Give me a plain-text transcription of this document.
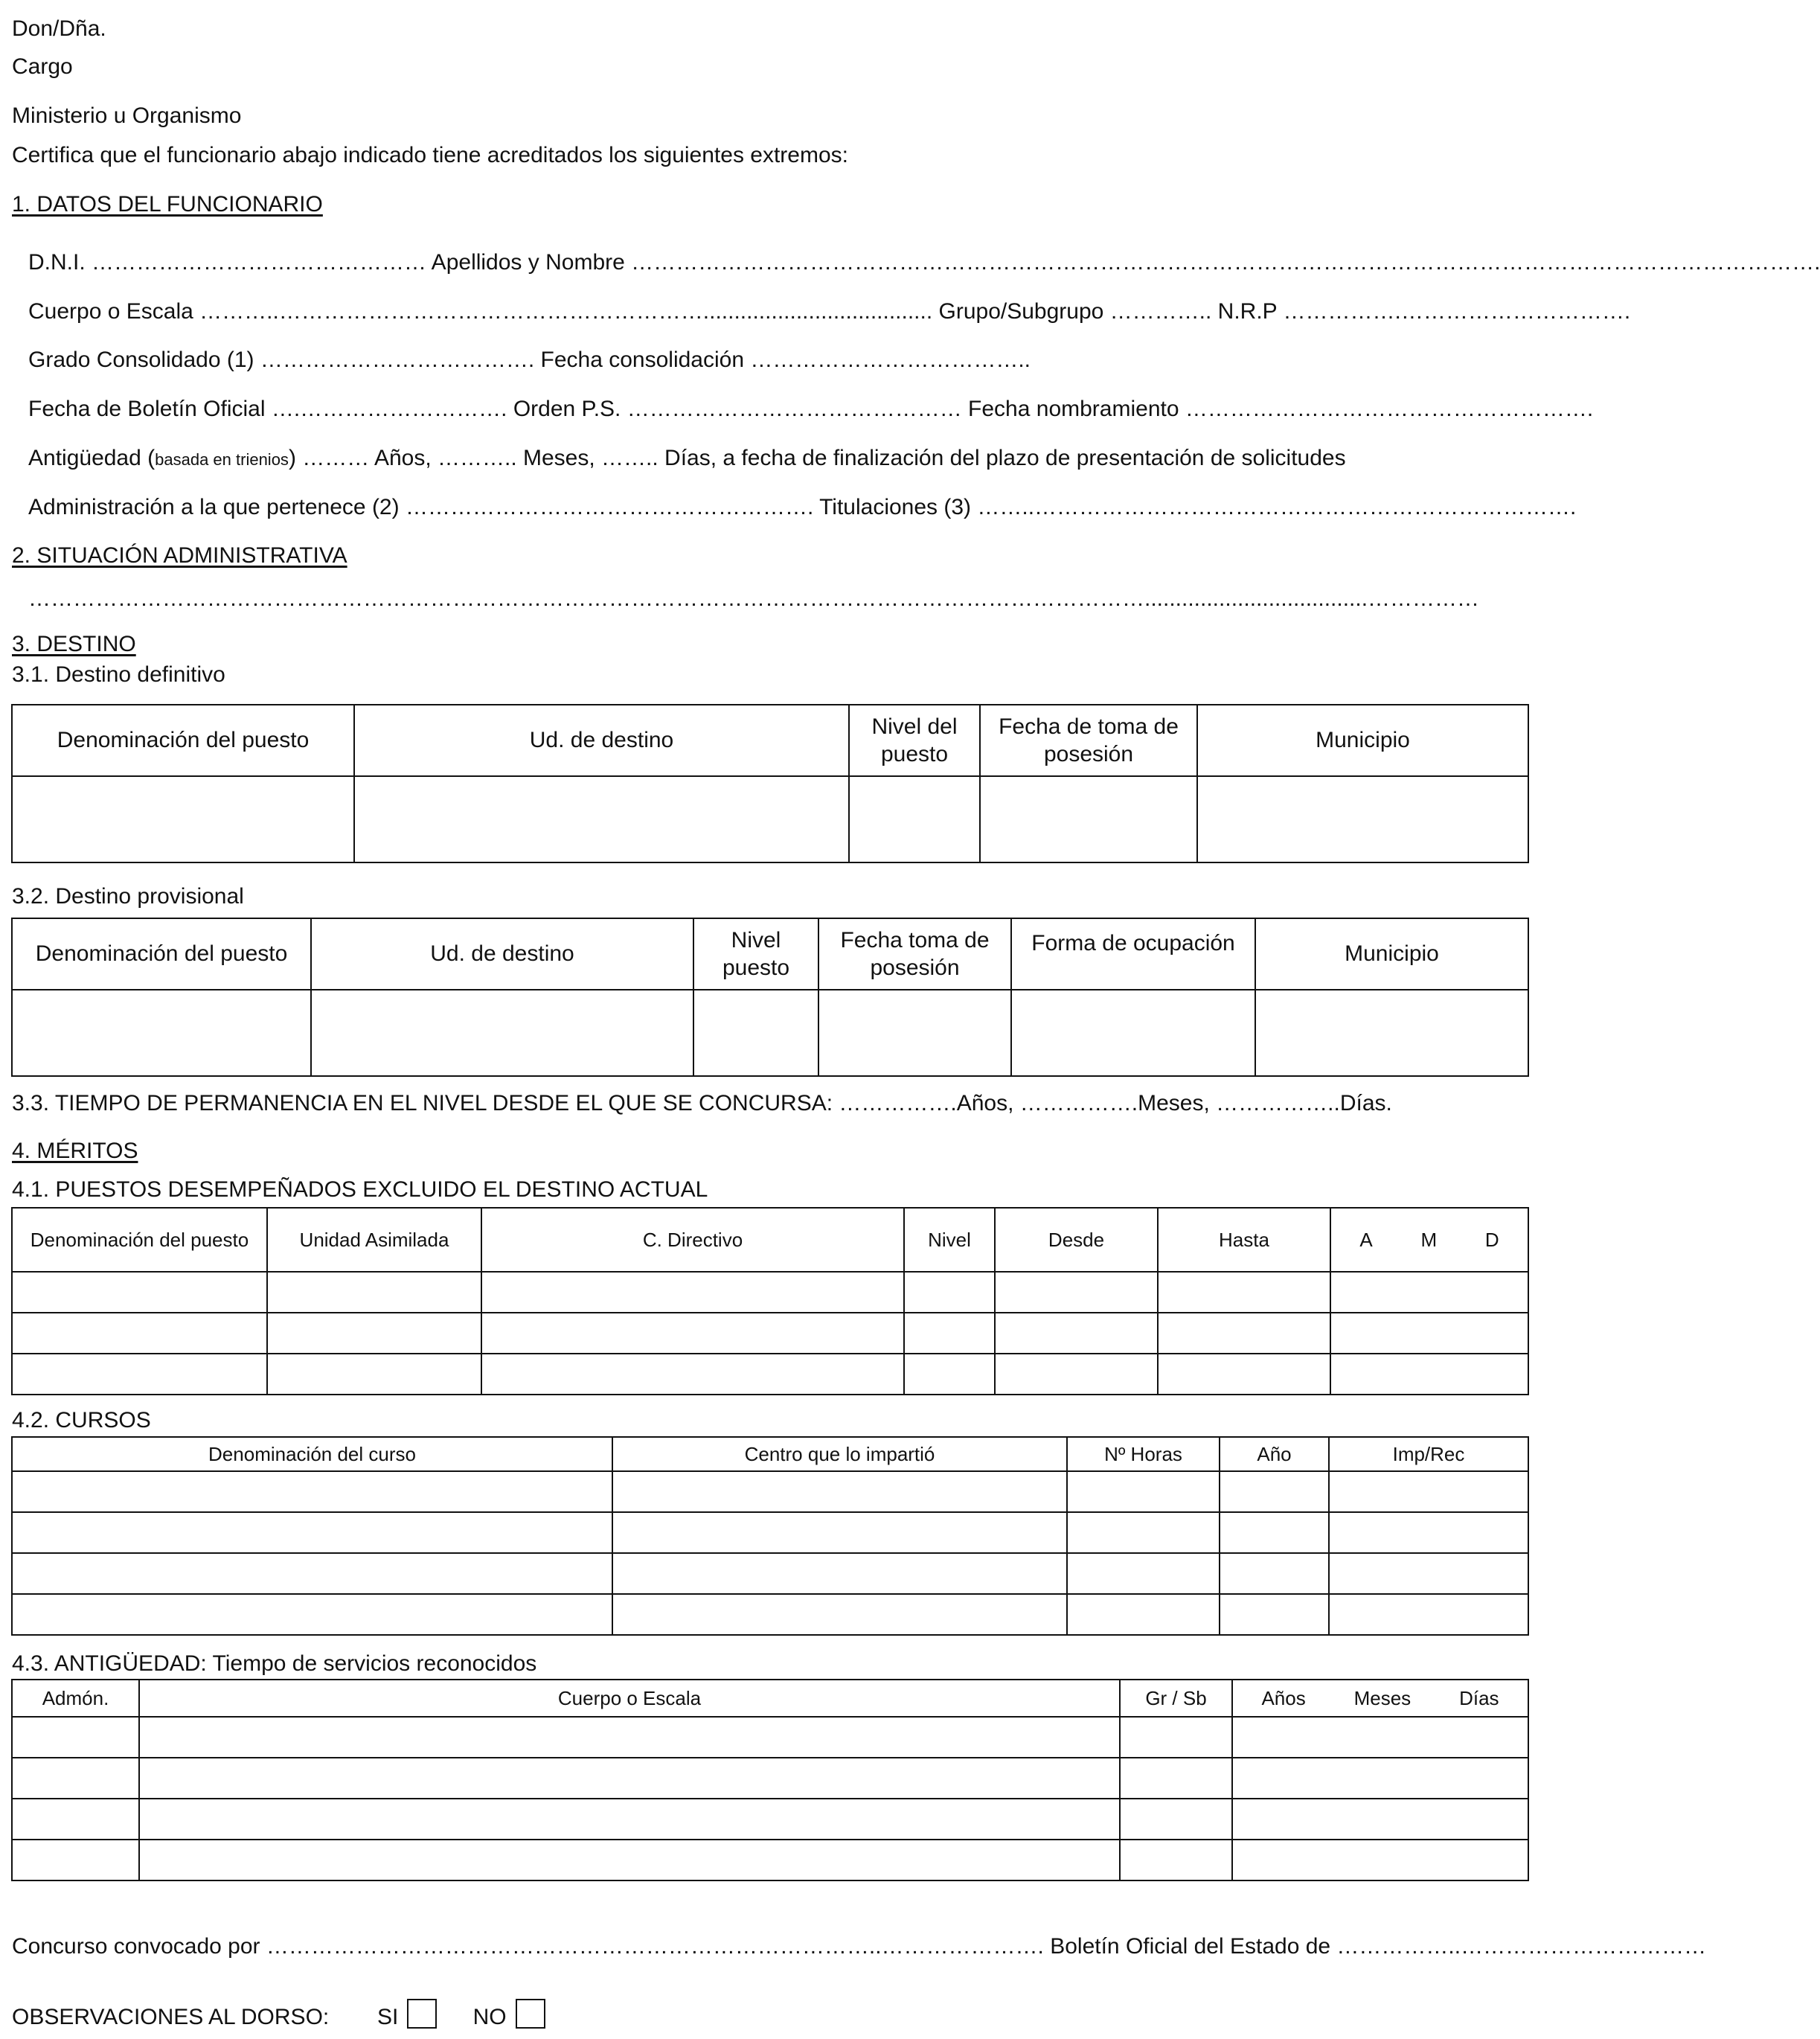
Don/Dña.
Cargo
Ministerio u Organismo
Certifica que el funcionario abajo indicado tiene acreditados los siguientes extremos:
1. DATOS DEL FUNCIONARIO
D.N.I. ……………………………………… Apellidos y Nombre …………………………………………………………………………………………………………………………………………….
Cuerpo o Escala ………..…………………………………………………..................................... Grupo/Subgrupo ………….. N.R.P …………….………………………….
Grado Consolidado (1) ………………………………. Fecha consolidación ………………………………..
Fecha de Boletín Oficial ….………………………. Orden P.S. ……………………………………… Fecha nombramiento ……………………………………………….
Antigüedad (basada en trienios) ……… Años, ……….. Meses, …….. Días, a fecha de finalización del plazo de presentación de solicitudes
Administración a la que pertenece (2) ………………………………………………. Titulaciones (3) ……..……………………………………………………………….
2. SITUACIÓN ADMINISTRATIVA
……………………………………………………………………………………………………………………………………....................................……………
3. DESTINO
3.1. Destino definitivo
Denominación del puesto	Ud. de destino	Nivel del puesto	Fecha de toma de posesión	Municipio

3.2. Destino provisional
Denominación del puesto	Ud. de destino	Nivel puesto	Fecha toma de posesión	Forma de ocupación	Municipio

3.3. TIEMPO DE PERMANENCIA EN EL NIVEL DESDE EL QUE SE CONCURSA: …………….Años, …………….Meses, ……………..Días.
4. MÉRITOS
4.1. PUESTOS DESEMPEÑADOS EXCLUIDO EL DESTINO ACTUAL
Denominación del puesto	Unidad Asimilada	C. Directivo	Nivel	Desde	Hasta	A M D

4.2. CURSOS
Denominación del curso	Centro que lo impartió	Nº Horas	Año	Imp/Rec

4.3. ANTIGÜEDAD: Tiempo de servicios reconocidos
Admón.	Cuerpo o Escala	Gr / Sb	Años Meses Días

Concurso convocado por ………………………………………………………………………..…………………. Boletín Oficial del Estado de ……………..……………………………
OBSERVACIONES AL DORSO: SI	NO
